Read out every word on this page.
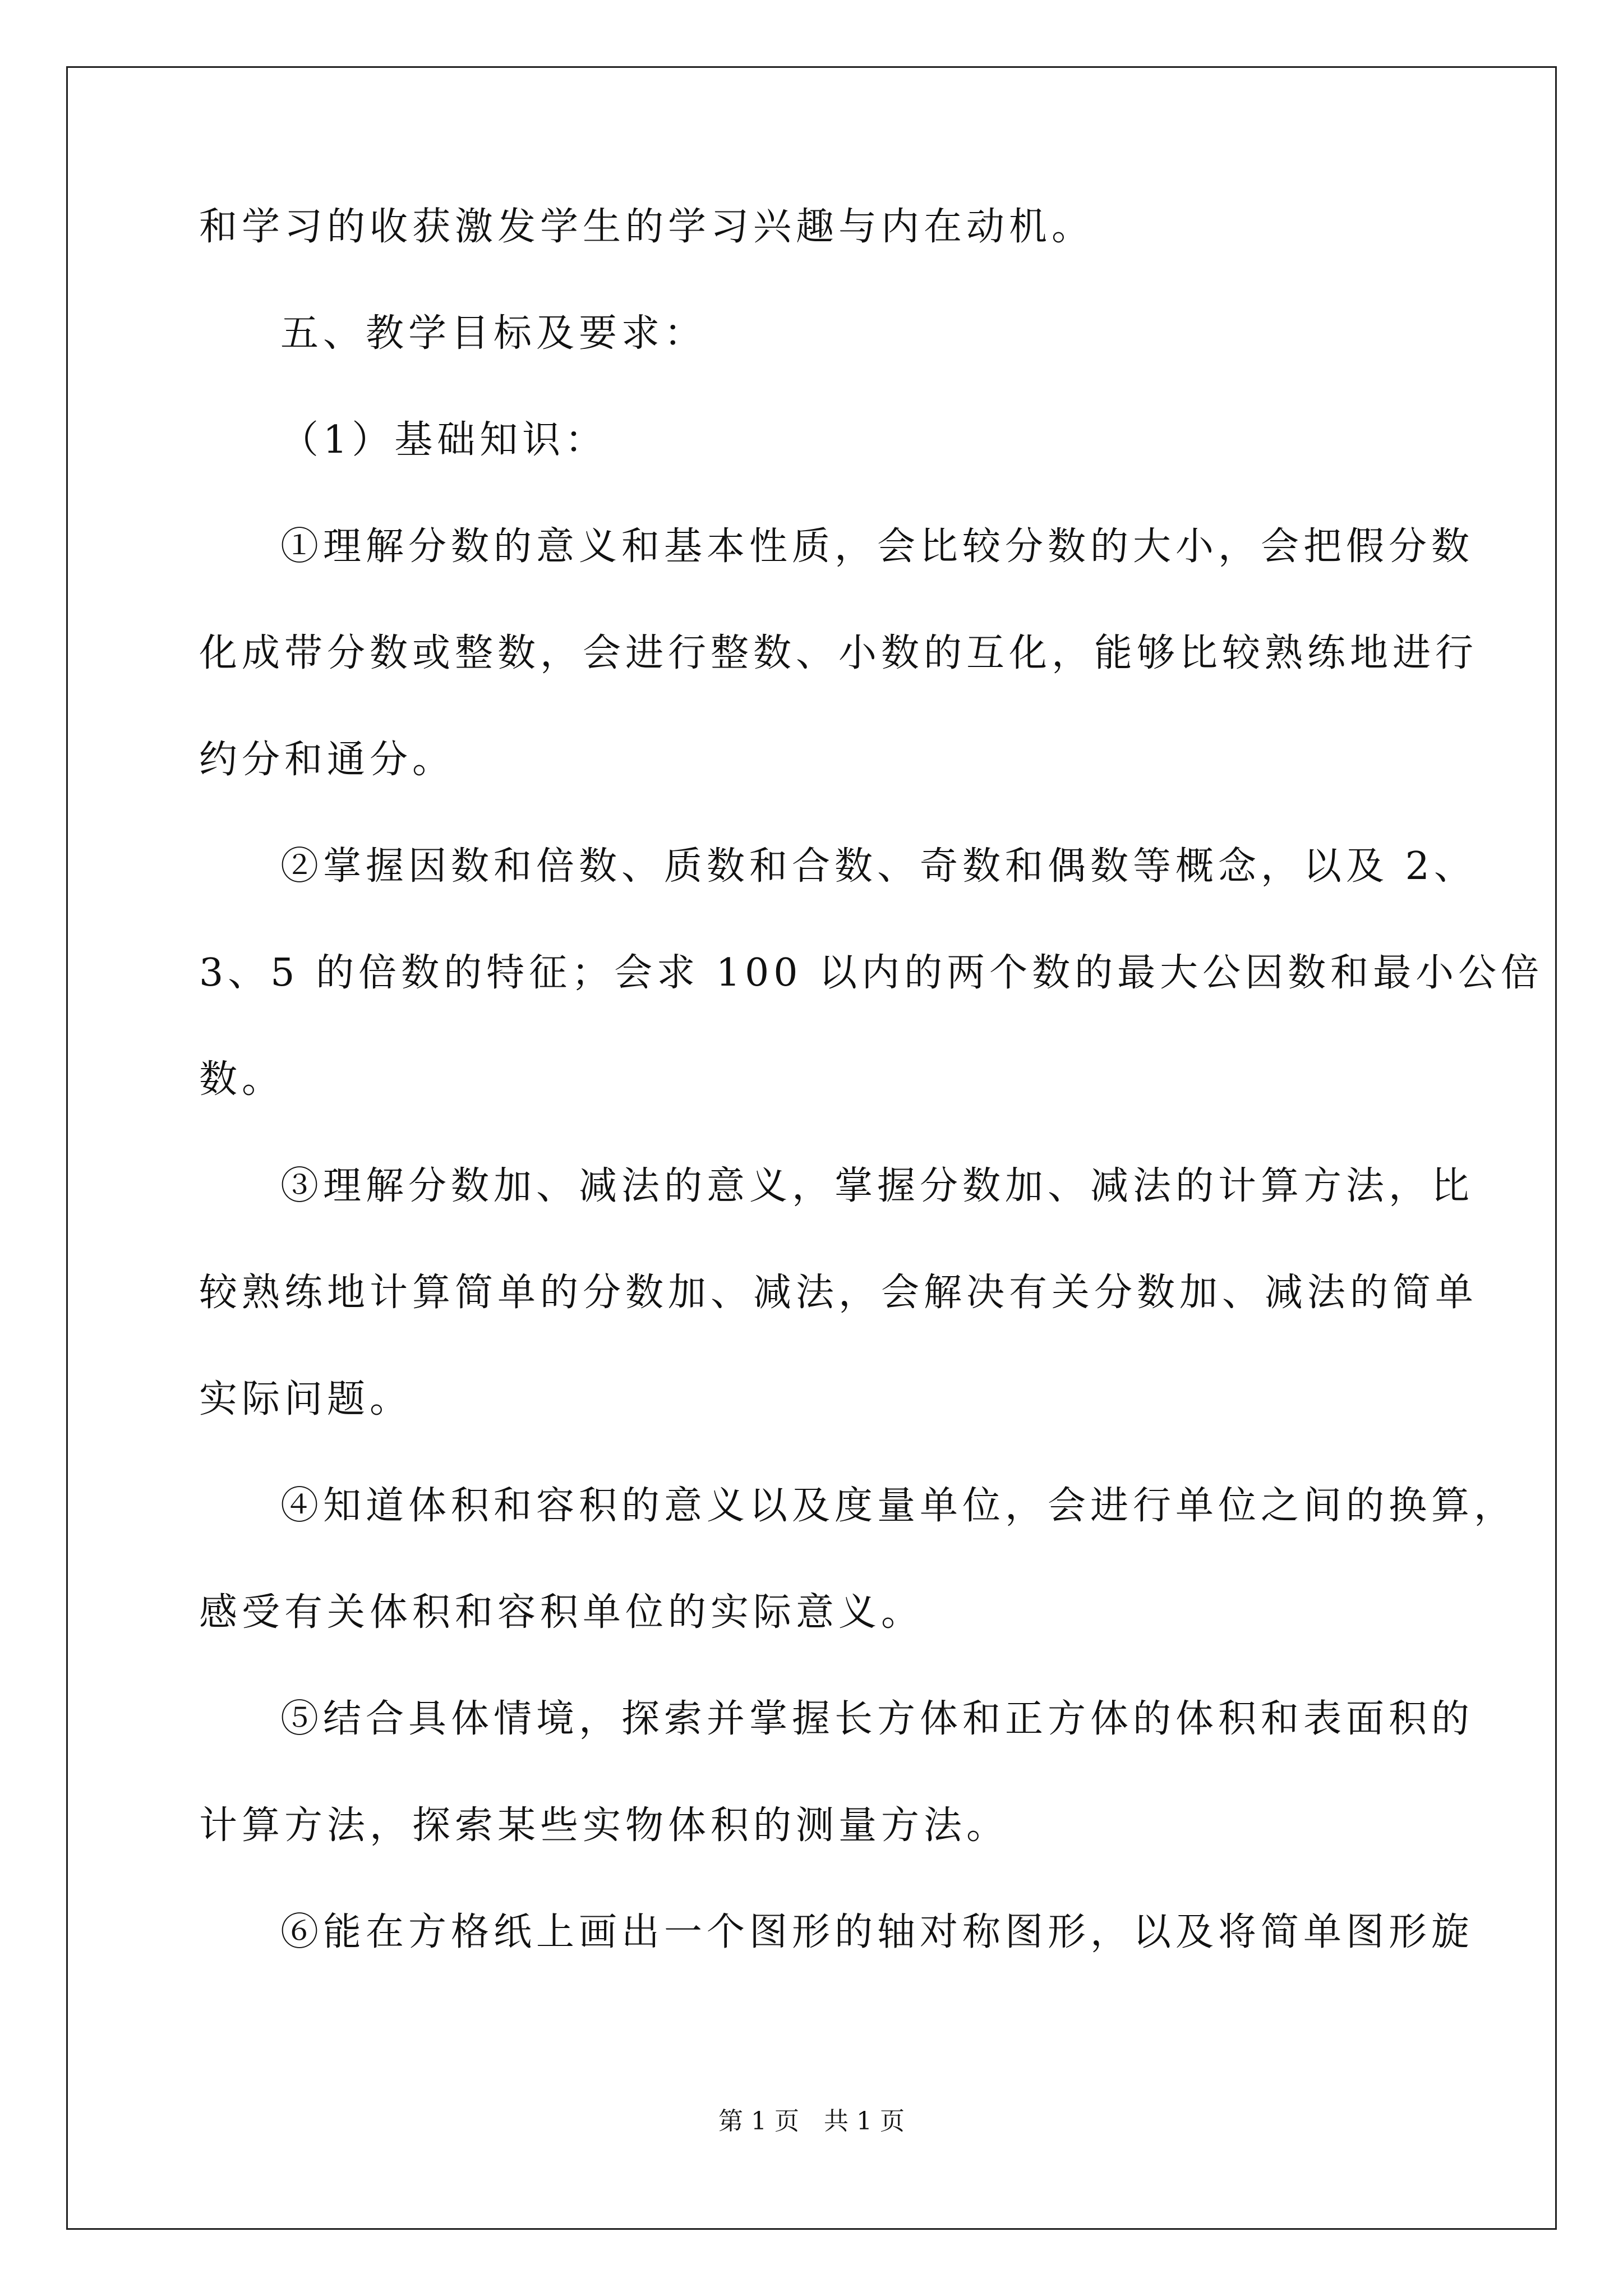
和学习的收获激发学生的学习兴趣与内在动机。
五、教学目标及要求：
（1）基础知识：
①理解分数的意义和基本性质，会比较分数的大小，会把假分数
化成带分数或整数，会进行整数、小数的互化，能够比较熟练地进行
约分和通分。
②掌握因数和倍数、质数和合数、奇数和偶数等概念，以及 2、
3、5 的倍数的特征；会求 100 以内的两个数的最大公因数和最小公倍
数。
③理解分数加、减法的意义，掌握分数加、减法的计算方法，比
较熟练地计算简单的分数加、减法，会解决有关分数加、减法的简单
实际问题。
④知道体积和容积的意义以及度量单位，会进行单位之间的换算，
感受有关体积和容积单位的实际意义。
⑤结合具体情境，探索并掌握长方体和正方体的体积和表面积的
计算方法，探索某些实物体积的测量方法。
⑥能在方格纸上画出一个图形的轴对称图形，以及将简单图形旋
第 1 页　共 1 页
